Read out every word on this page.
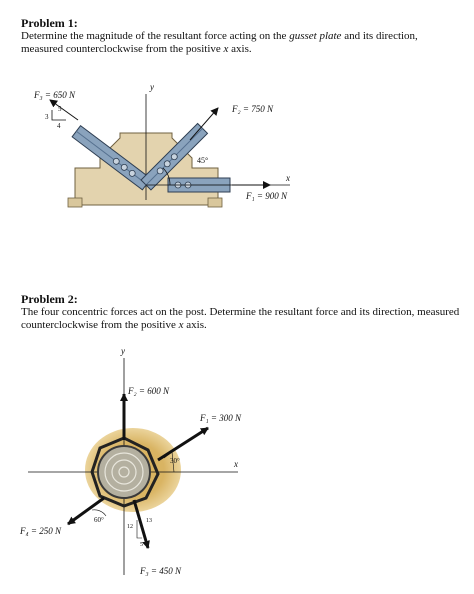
Problem 1:
Determine the magnitude of the resultant force acting on the gusset plate and its direction, measured counterclockwise from the positive x axis.
Problem 2:
The four concentric forces act on the post. Determine the resultant force and its direction, measured counterclockwise from the positive x axis.
y
x
45°
3
5
4
F₃ = 650 N
F₂ = 750 N
F₁ = 900 N
y
x
30°
60°
12
13
5
F₂ = 600 N
F₁ = 300 N
F₄ = 250 N
F₃ = 450 N
